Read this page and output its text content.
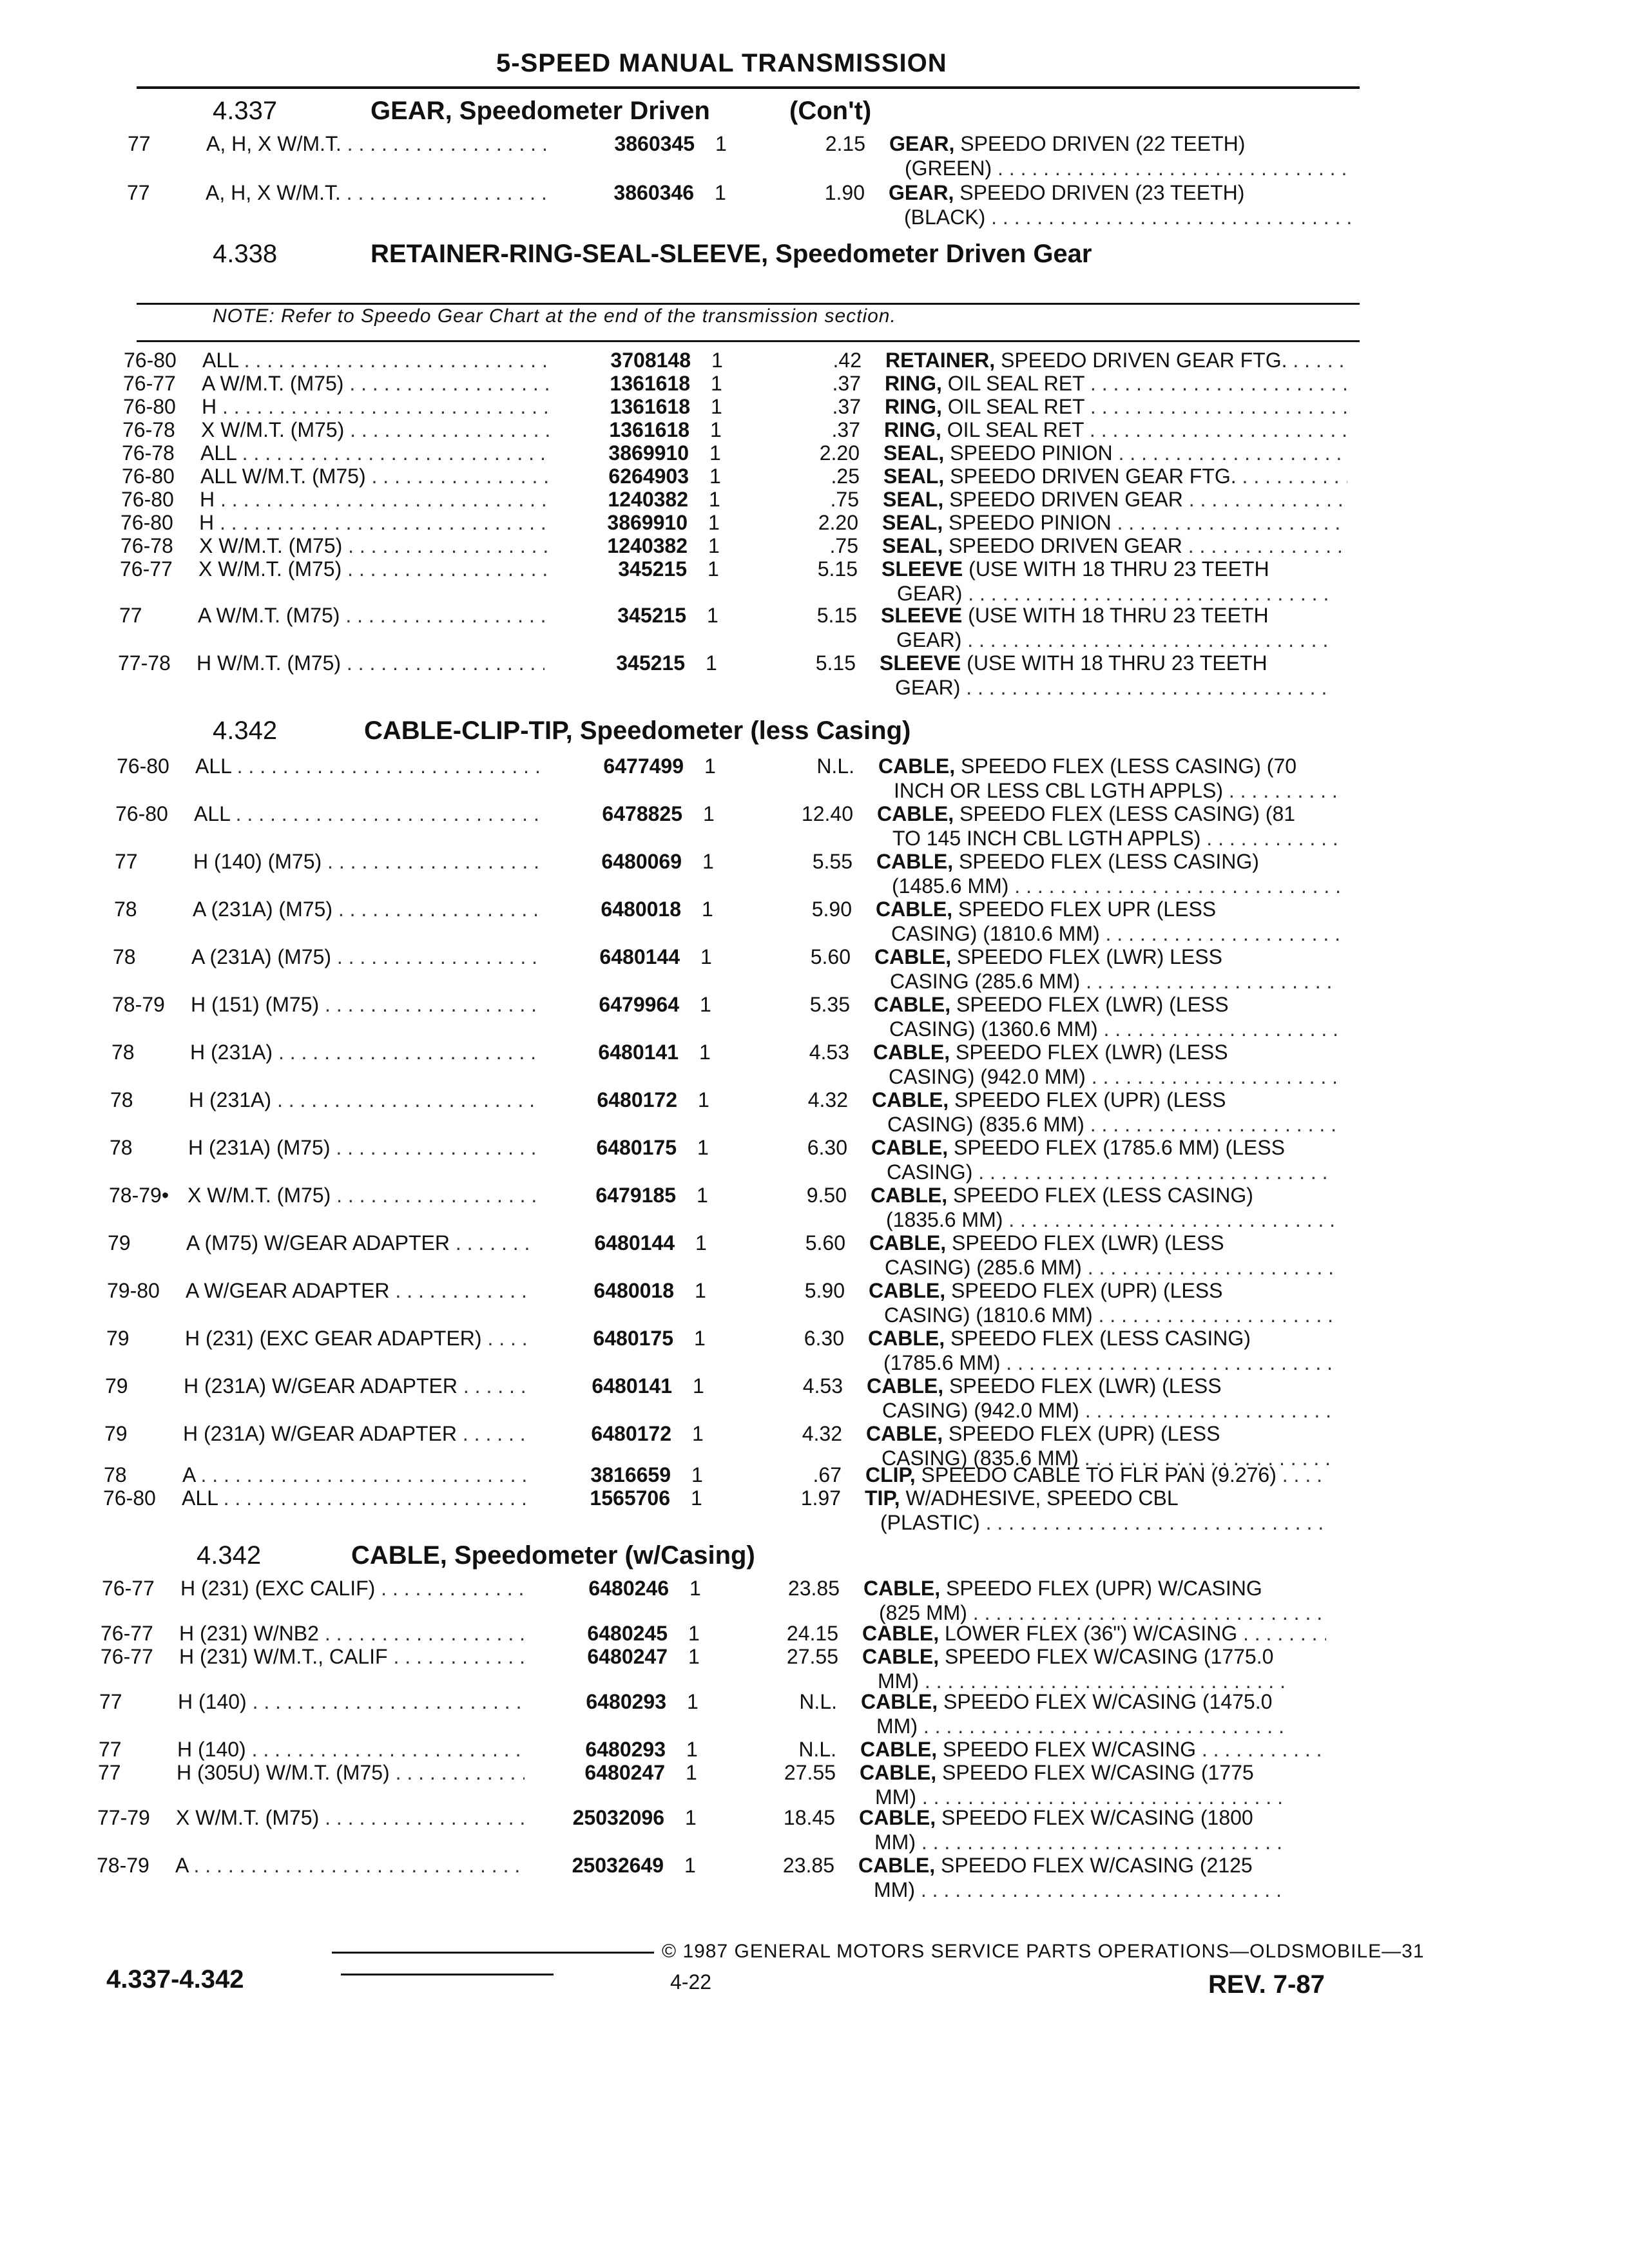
5-SPEED MANUAL TRANSMISSION
NOTE: Refer to Speedo Gear Chart at the end of the transmission section.
© 1987 GENERAL MOTORS SERVICE PARTS OPERATIONS—OLDSMOBILE—31
4.337-4.342	4-22	REV. 7-87
4.337	GEAR, Speedometer Driven	(Con't)
4.338	RETAINER-RING-SEAL-SLEEVE, Speedometer Driven Gear
4.342	CABLE-CLIP-TIP, Speedometer (less Casing)
4.342	CABLE, Speedometer (w/Casing)
77	A, H, X W/M.T. . . .	3860345 1	2.15 GEAR, SPEEDO DRIVEN (22 TEETH)
(GREEN) . . .
77	A, H, X W/M.T. . . .	3860346 1	1.90 GEAR, SPEEDO DRIVEN (23 TEETH)
(BLACK) . . .
76-80 ALL . . .	3708148 1	.42 RETAINER, SPEEDO DRIVEN GEAR FTG. . . .
76-77 A W/M.T. (M75) . . .	1361618 1	.37 RING, OIL SEAL RET . . .
76-80 H . . .	1361618 1	.37 RING, OIL SEAL RET . . .
76-78 X W/M.T. (M75) . . .	1361618 1	.37 RING, OIL SEAL RET . . .
76-78 ALL . . .	3869910 1	2.20 SEAL, SPEEDO PINION . . .
76-80 ALL W/M.T. (M75) . . .	6264903 1	.25 SEAL, SPEEDO DRIVEN GEAR FTG. . . .
76-80 H . . .	1240382 1	.75 SEAL, SPEEDO DRIVEN GEAR . . .
76-80 H . . .	3869910 1	2.20 SEAL, SPEEDO PINION . . .
76-78 X W/M.T. (M75) . . .	1240382 1	.75 SEAL, SPEEDO DRIVEN GEAR . . .
76-77 X W/M.T. (M75) . . .	345215 1	5.15 SLEEVE (USE WITH 18 THRU 23 TEETH
GEAR) . . .
77	A W/M.T. (M75) . . .	345215 1	5.15 SLEEVE (USE WITH 18 THRU 23 TEETH
GEAR) . . .
77-78 H W/M.T. (M75) . . .	345215 1	5.15 SLEEVE (USE WITH 18 THRU 23 TEETH
GEAR) . . .
76-80 ALL . . .	6477499 1	N.L. CABLE, SPEEDO FLEX (LESS CASING) (70
INCH OR LESS CBL LGTH APPLS) . . .
76-80 ALL . . .	6478825 1	12.40 CABLE, SPEEDO FLEX (LESS CASING) (81
TO 145 INCH CBL LGTH APPLS) . . .
77	H (140) (M75) . . .	6480069 1	5.55 CABLE, SPEEDO FLEX (LESS CASING)
(1485.6 MM) . . .
78	A (231A) (M75) . . .	6480018 1	5.90 CABLE, SPEEDO FLEX UPR (LESS
CASING) (1810.6 MM) . . .
78	A (231A) (M75) . . .	6480144 1	5.60 CABLE, SPEEDO FLEX (LWR) LESS
CASING (285.6 MM) . . .
78-79 H (151) (M75) . . .	6479964 1	5.35 CABLE, SPEEDO FLEX (LWR) (LESS
CASING) (1360.6 MM) . . .
78	H (231A) . . .	6480141 1	4.53 CABLE, SPEEDO FLEX (LWR) (LESS
CASING) (942.0 MM) . . .
78	H (231A) . . .	6480172 1	4.32 CABLE, SPEEDO FLEX (UPR) (LESS
CASING) (835.6 MM) . . .
78	H (231A) (M75) . . .	6480175 1	6.30 CABLE, SPEEDO FLEX (1785.6 MM) (LESS
CASING) . . .
78-79• X W/M.T. (M75) . . .	6479185 1	9.50 CABLE, SPEEDO FLEX (LESS CASING)
(1835.6 MM) . . .
79	A (M75) W/GEAR ADAPTER . . .	6480144 1	5.60 CABLE, SPEEDO FLEX (LWR) (LESS
CASING) (285.6 MM) . . .
79-80 A W/GEAR ADAPTER . . .	6480018 1	5.90 CABLE, SPEEDO FLEX (UPR) (LESS
CASING) (1810.6 MM) . . .
79	H (231) (EXC GEAR ADAPTER) . . .	6480175 1	6.30 CABLE, SPEEDO FLEX (LESS CASING)
(1785.6 MM) . . .
79	H (231A) W/GEAR ADAPTER . . .	6480141 1	4.53 CABLE, SPEEDO FLEX (LWR) (LESS
CASING) (942.0 MM) . . .
79	H (231A) W/GEAR ADAPTER . . .	6480172 1	4.32 CABLE, SPEEDO FLEX (UPR) (LESS
CASING) (835.6 MM) . . .
78	A . . .	3816659 1	.67 CLIP, SPEEDO CABLE TO FLR PAN (9.276) . . .
76-80 ALL . . .	1565706 1	1.97 TIP, W/ADHESIVE, SPEEDO CBL
(PLASTIC) . . .
76-77 H (231) (EXC CALIF) . . .	6480246 1	23.85 CABLE, SPEEDO FLEX (UPR) W/CASING
(825 MM) . . .
76-77 H (231) W/NB2 . . .	6480245 1	24.15 CABLE, LOWER FLEX (36") W/CASING . . .
76-77 H (231) W/M.T., CALIF . . .	6480247 1	27.55 CABLE, SPEEDO FLEX W/CASING (1775.0
MM) . . .
77	H (140) . . .	6480293 1	N.L. CABLE, SPEEDO FLEX W/CASING (1475.0
MM) . . .
77	H (140) . . .	6480293 1	N.L. CABLE, SPEEDO FLEX W/CASING . . .
77	H (305U) W/M.T. (M75) . . .	6480247 1	27.55 CABLE, SPEEDO FLEX W/CASING (1775
MM) . . .
77-79 X W/M.T. (M75) . . .	25032096 1	18.45 CABLE, SPEEDO FLEX W/CASING (1800
MM) . . .
78-79 A . . .	25032649 1	23.85 CABLE, SPEEDO FLEX W/CASING (2125
MM) . . .
